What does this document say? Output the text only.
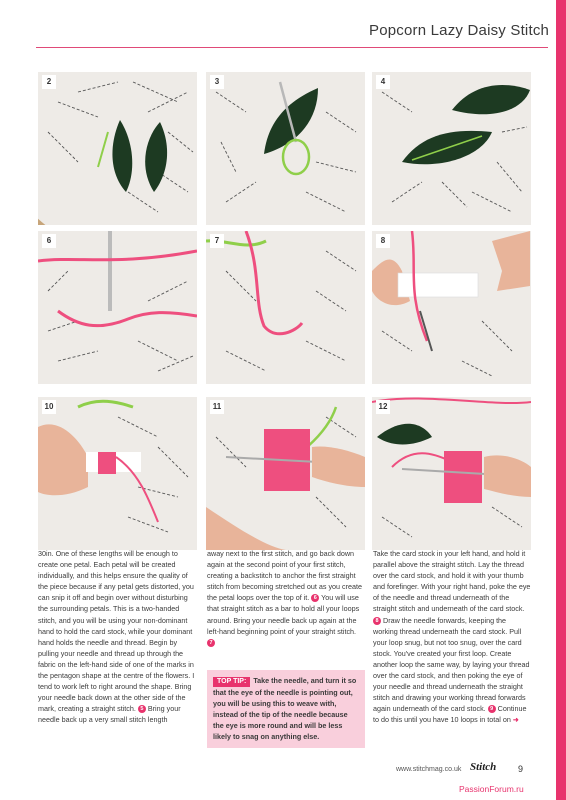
Popcorn Lazy Daisy Stitch
2	3	4
6	7	8
10	11	12

30in. One of these lengths will be enough to create one petal. Each petal will be created individually, and this helps ensure the quality of the piece because if any petal gets distorted, you can snip it off and begin over without disturbing the surrounding petals. This is a two-handed stitch, and you will be using your non-dominant hand to hold the card stock, while your dominant hand holds the needle and thread. Begin by pulling your needle and thread up through the fabric on the left-hand side of one of the marks in the pentagon shape at the centre of the flowers. I tend to work left to right around the shape. Bring your needle back down at the other side of the mark, creating a straight stitch. 5 Bring your needle back up a very small stitch length

away next to the first stitch, and go back down again at the second point of your first stitch, creating a backstitch to anchor the first straight stitch from becoming stretched out as you create the petal loops over the top of it. 6 You will use that straight stitch as a bar to hold all your loops around. Bring your needle back up again at the left-hand beginning point of your straight stitch. 7

Take the card stock in your left hand, and hold it parallel above the straight stitch. Lay the thread over the card stock, and hold it with your thumb and forefinger. With your right hand, poke the eye of the needle and thread underneath of the straight stitch and underneath of the card stock. 8 Draw the needle forwards, keeping the working thread underneath the card stock. Pull your loop snug, but not too snug, over the card stock. You've created your first loop. Create another loop the same way, by laying your thread over the card stock, and then poking the eye of your needle and thread underneath the straight stitch and drawing your working thread forwards again underneath of the card stock. 9 Continue to do this until you have 10 loops in total on ➜

TOP TIP: Take the needle, and turn it so that the eye of the needle is pointing out, you will be using this to weave with, instead of the tip of the needle because the eye is more round and will be less likely to snag on anything else.
www.stitchmag.co.uk Stitch 9
PassionForum.ru
